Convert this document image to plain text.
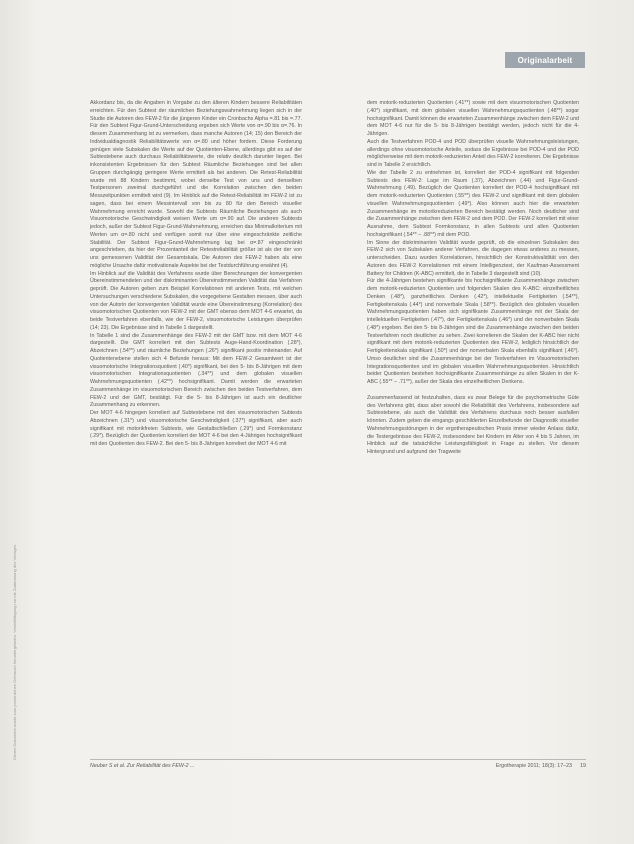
Dieses Dokument wurde zum persönlichen Gebrauch heruntergeladen. Vervielfältigung nur mit Zustimmung des Verlages.
Originalarbeit

Akkordanz bis, da die Angaben in Vorgabe zu den älteren Kindern bessere Reliabilitäten erreichten. Für den Subtest der räumlichen Beziehungswahrnehmung liegen sich in der Studie die Autoren des FEW-2 für die jüngeren Kinder ein Cronbachs Alpha =.81 bis =.77. Für den Subtest Figur-Grund-Unterscheidung ergeben sich Werte von α=.90 bis α=.76. In diesem Zusammenhang ist zu vermerken, dass manche Autoren (14; 15) den Bereich der Individualdiagnostik Reliabilitätswerte von α=.80 und höher fordern. Diese Forderung genügen viele Subskalen die Werte auf der Quotienten-Ebene, allerdings gibt es auf der Subtestebene auch durchaus Reliabilitätswerte, die relativ deutlich darunter liegen. Bei inkonsistenten Ergebnissen für den Subtest Räumliche Beziehungen sind bei allen Gruppen durchgängig geringere Werte ermittelt als bei anderen. Die Retest-Reliabilität wurde mit 88 Kindern bestimmt, wobei derselbe Test von uns und denselben Testpersonen zweimal durchgeführt und die Korrelation zwischen den beiden Messzeitpunkten ermittelt wird (9). Im Hinblick auf die Retest-Reliabilität im FEW-2 ist zu sagen, dass bei einem Messintervall von bis zu 80 für den Bereich visueller Wahrnehmung erreicht wurde. Sowohl die Subtests Räumliche Beziehungen als auch Visuomotorische Geschwindigkeit weisen Werte um α=.90 auf. Die anderen Subtests jedoch, außer der Subtest Figur-Grund-Wahrnehmung, erreichen das Minimalkriterium mit Werten um α=.80 nicht und verfügen somit nur über eine eingeschränkte zeitliche Stabilität. Der Subtest Figur-Grund-Wahrnehmung lag bei α=.87 eingeschränkt angeschrieben, da hier der Prozentanteil der Retestreliabilität größer ist als der der von uns gemessenen Validität der Gesamtskala. Die Autoren des FEW-2 haben als eine mögliche Ursache dafür motivationale Aspekte bei der Testdurchführung erwähnt (4).

Im Hinblick auf die Validität des Verfahrens wurde über Berechnungen der konvergenten Übereinstimmendeten und der diskriminanten Übereinstimmenden Validität das Verfahren geprüft. Die Autoren geben zum Beispiel Korrelationen mit anderen Tests, mit welchen Untersuchungen verschiedene Subskalen, die vorgegebene Gestalten messen, über auch von der Autorin der konvergenten Validität wurde eine Übereinstimmung (Korrelation) des visuomotorischen Quotienten von FEW-2 mit der GMT ebenso dem MOT 4-6 erwartet, da beide Testverfahren ebenfalls, wie der FEW-2, visuomotorische Leistungen überprüfen (14; 23). Die Ergebnisse sind in Tabelle 1 dargestellt.

In Tabelle 1 sind die Zusammenhänge des FEW-2 mit der GMT bzw. mit dem MOT 4-6 dargestellt. Die GMT korreliert mit den Subtests Auge-Hand-Koordination (.28*), Abzeichnen (.54**) und räumliche Beziehungen (.26*) signifikant positiv miteinander. Auf Quotientenebene stellen sich 4 Befunde heraus: Mit dem FEW-2 Gesamtwert ist der visuomotorische Integrationsquotient (.40*) signifikant, bei den 5- bis 8-Jährigen mit dem visuomotorischen Integrationsquotienten (.34**) und dem globalen visuellen Wahrnehmungsquotienten (.42**) hochsignifikant. Damit werden die erwarteten Zusammenhänge im visuomotorischen Bereich zwischen den beiden Testverfahren, dem FEW-2 und der GMT, bestätigt. Für die 5- bis 8-Jährigen ist auch ein deutlicher Zusammenhang zu erkennen.

Der MOT 4-6 hingegen korreliert auf Subtestebene mit den visuomotorischen Subtests Abzeichnen (.31*) und visuomotorische Geschwindigkeit (.37*) signifikant, aber auch signifikant mit motorikfreien Subtests, wie Gestaltschließen (.29*) und Formkonstanz (.29*). Bezüglich der Quotienten korreliert der MOT 4-6 bei den 4-Jährigen hochsignifikant mit den Quotienten des FEW-2. Bei den 5- bis 8-Jährigen korreliert der MOT 4-6 mit

dem motorik-reduzierten Quotienten (.41**) sowie mit dem visuomotorischen Quotienten (.40*) signifikant, mit dem globalen visuellen Wahrnehmungsquotienten (.48**) sogar hochsignifikant. Damit können die erwarteten Zusammenhänge zwischen dem FEW-2 und dem MOT 4-6 nur für die 5- bis 8-Jährigen bestätigt werden, jedoch nicht für die 4-Jährigen.

Auch die Testverfahren POD-4 und POD überprüfen visuelle Wahrnehmungsleistungen, allerdings ohne visuomotorische Anteile, sodass die Ergebnisse bei POD-4 und der POD möglicherweise mit dem motorik-reduzierten Anteil des FEW-2 korrelieren. Die Ergebnisse sind in Tabelle 2 ersichtlich.

Wie der Tabelle 2 zu entnehmen ist, korreliert der POD-4 signifikant mit folgenden Subtests des FEW-2: Lage im Raum (.37), Abzeichnen (.44) und Figur-Grund-Wahrnehmung (.49). Bezüglich der Quotienten korreliert der POD-4 hochsignifikant mit dem motorik-reduzierten Quotienten (.55**) des FEW-2 und signifikant mit dem globalen visuellen Wahrnehmungsquotienten (.49*). Also können auch hier die erwarteten Zusammenhänge im motorikreduzierten Bereich bestätigt werden. Noch deutlicher sind die Zusammenhänge zwischen dem FEW-2 und dem POD. Der FEW-2 korreliert mit einer Ausnahme, dem Subtest Formkonstanz, in allen Subtests und allen Quotienten hochsignifikant (.54** – .88**) mit dem POD.

Im Sinne der diskriminanten Validität wurde geprüft, ob die einzelnen Subskalen des FEW-2 sich von Subskalen anderer Verfahren, die dagegen etwas anderes zu messen, unterscheiden. Dazu wurden Korrelationen, hinsichtlich der Konstruktvalidität von den Autoren des FEW-2 Korrelationen mit einem Intelligenztest, der Kaufman-Assessment Battery for Children (K-ABC) ermittelt, die in Tabelle 3 dargestellt sind (10).

Für die 4-Jährigen bestehen signifikante bis hochsignifikante Zusammenhänge zwischen dem motorik-reduzierten Quotienten und folgenden Skalen des K-ABC: einzelheitliches Denken (.48*), ganzheitliches Denken (.42*), intellektuelle Fertigkeiten (.54**), Fertigkeitenskala (.44*) und nonverbale Skala (.58**). Bezüglich des globalen visuellen Wahrnehmungsquotienten haben sich signifikante Zusammenhänge mit der Skala der intellektuellen Fertigkeiten (.47*), der Fertigkeitenskala (.46*) und der nonverbalen Skala (.48*) ergeben. Bei den 5- bis 8-Jährigen sind die Zusammenhänge zwischen den beiden Testverfahren noch deutlicher zu sehen. Zwei korrelieren die Skalen der K-ABC hier nicht signifikant mit dem motorik-reduzierten Quotienten des FEW-2, lediglich hinsichtlich der Fertigkeitenskala signifikant (.50*) und der nonverbalen Skala ebenfalls signifikant (.46*). Umso deutlicher sind die Zusammenhänge bei der Testverfahren im Visuomotorischen Integrationsquotienten und im globalen visuellen Wahrnehmungsquotienten. Hinsichtlich beider Quotienten bestehen hochsignifikante Zusammenhänge zu allen Skalen in der K-ABC (.55** – .71**), außer der Skala des einzelheitlichen Denkens.

Zusammenfassend ist festzuhalten, dass es zwar Belege für die psychometrische Güte des Verfahrens gibt, dass aber sowohl die Reliabilität des Verfahrens, insbesondere auf Subtestebene, als auch die Validität des Verfahrens durchaus noch besser ausfallen könnten. Zudem geben die eingangs geschilderten Einzelbefunde der Diagnostik visueller Wahrnehmungsstörungen in der ergotherapeutischen Praxis immer wieder Anlass dafür, die Testergebnisse des FEW-2, insbesondere bei Kindern im Alter von 4 bis 5 Jahren, im Hinblick auf die tatsächliche Leistungsfähigkeit in Frage zu stellen. Vor diesem Hintergrund und aufgrund der Tragweite

Neuber S et al. Zur Reliabilität des FEW-2 ...	Ergotherapie 2011; 18(3): 17–23 19
